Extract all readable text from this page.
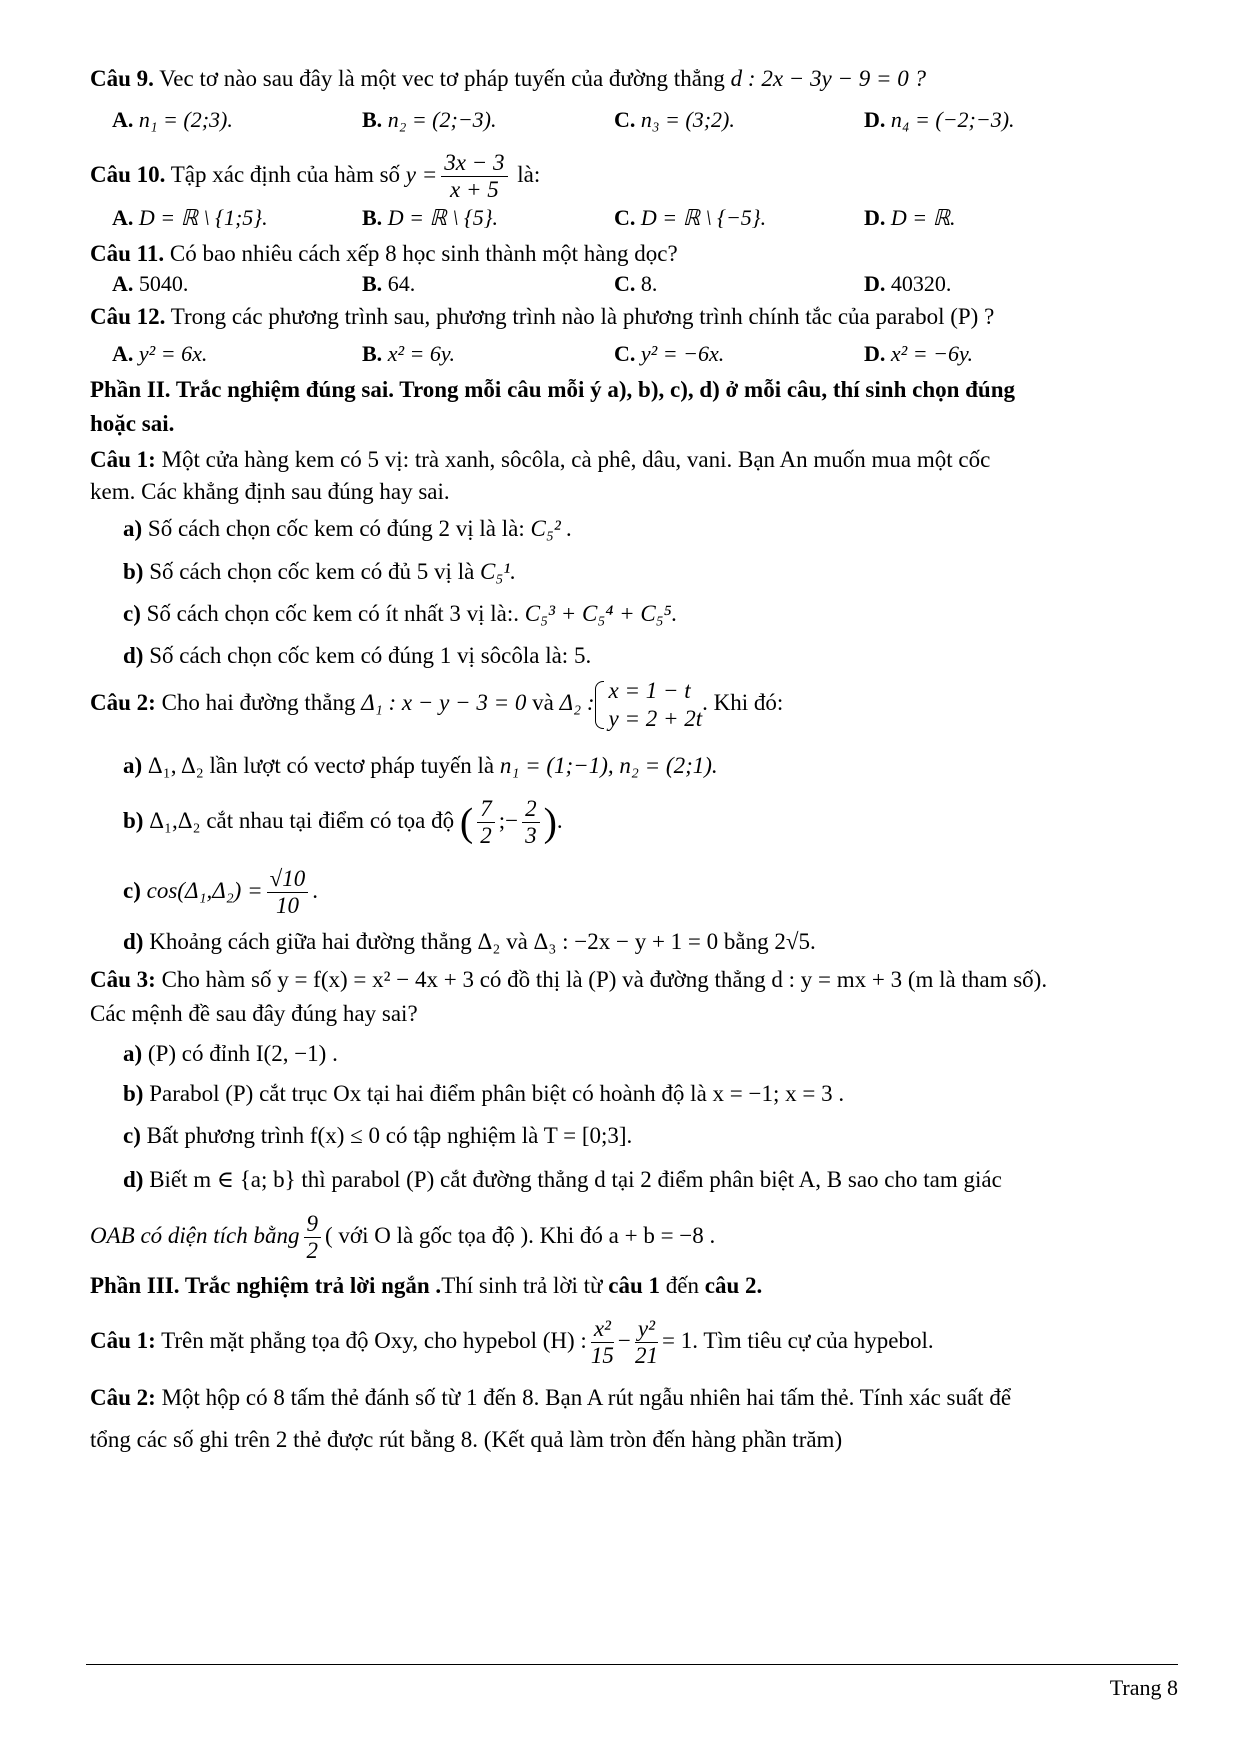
Câu 9. Vec tơ nào sau đây là một vec tơ pháp tuyến của đường thẳng d : 2x − 3y − 9 = 0 ?
A. n₁ = (2;3).	B. n₂ = (2;−3).	C. n₃ = (3;2).	D. n₄ = (−2;−3).
Câu 10. Tập xác định của hàm số $y = \frac{3x - 3}{x + 5}$ là:
A. D = ℝ \ {1;5}.	B. D = ℝ \ {5}.	C. D = ℝ \ {−5}.	D. D = ℝ.
Câu 11. Có bao nhiêu cách xếp 8 học sinh thành một hàng dọc?
A. 5040.	B. 64.	C. 8.	D. 40320.
Câu 12. Trong các phương trình sau, phương trình nào là phương trình chính tắc của parabol (P) ?
A. y² = 6x.	B. x² = 6y.	C. y² = −6x.	D. x² = −6y.
Phần II. Trắc nghiệm đúng sai. Trong mỗi câu mỗi ý a), b), c), d) ở mỗi câu, thí sinh chọn đúng
hoặc sai.
Câu 1: Một cửa hàng kem có 5 vị: trà xanh, sôcôla, cà phê, dâu, vani. Bạn An muốn mua một cốc
kem. Các khẳng định sau đúng hay sai.
a) Số cách chọn cốc kem có đúng 2 vị là là: C₅² .
b) Số cách chọn cốc kem có đủ 5 vị là C₅¹.
c) Số cách chọn cốc kem có ít nhất 3 vị là:. C₅³ + C₅⁴ + C₅⁵.
d) Số cách chọn cốc kem có đúng 1 vị sôcôla là: 5.
Câu 2: Cho hai đường thẳng Δ₁ : x − y − 3 = 0 và Δ₂ : x = 1 − t
y = 2 + 2t
. Khi đó:
a) Δ₁, Δ₂ lần lượt có vectơ pháp tuyến là n₁ = (1;−1), n₂ = (2;1).
b) Δ₁,Δ₂ cắt nhau tại điểm có tọa độ ( $\frac{7}{2}$ ;− $\frac{2}{3}$ ).
c) $\cos(\Delta_1,\Delta_2) = \frac{√10}{10}$ .
d) Khoảng cách giữa hai đường thẳng Δ₂ và Δ₃ : −2x − y + 1 = 0 bằng 2√5.
Câu 3: Cho hàm số y = f(x) = x² − 4x + 3 có đồ thị là (P) và đường thẳng d : y = mx + 3 (m là tham số).
Các mệnh đề sau đây đúng hay sai?
a) (P) có đỉnh I(2, −1) .
b) Parabol (P) cắt trục Ox tại hai điểm phân biệt có hoành độ là x = −1; x = 3 .
c) Bất phương trình f(x) ≤ 0 có tập nghiệm là T = [0;3].
d) Biết m ∈ {a; b} thì parabol (P) cắt đường thẳng d tại 2 điểm phân biệt A, B sao cho tam giác
OAB có diện tích bằng $\frac{9}{2}$ ( với O là gốc tọa độ ). Khi đó a + b = −8 .
Phần III. Trắc nghiệm trả lời ngắn .Thí sinh trả lời từ câu 1 đến câu 2.
Câu 1: Trên mặt phẳng tọa độ Oxy, cho hypebol (H) : $\frac{\text{x²}}{15} - \frac{\text{y²}}{21} = 1$. Tìm tiêu cự của hypebol.
Câu 2: Một hộp có 8 tấm thẻ đánh số từ 1 đến 8. Bạn A rút ngẫu nhiên hai tấm thẻ. Tính xác suất để
tổng các số ghi trên 2 thẻ được rút bằng 8. (Kết quả làm tròn đến hàng phần trăm)
Trang 8
